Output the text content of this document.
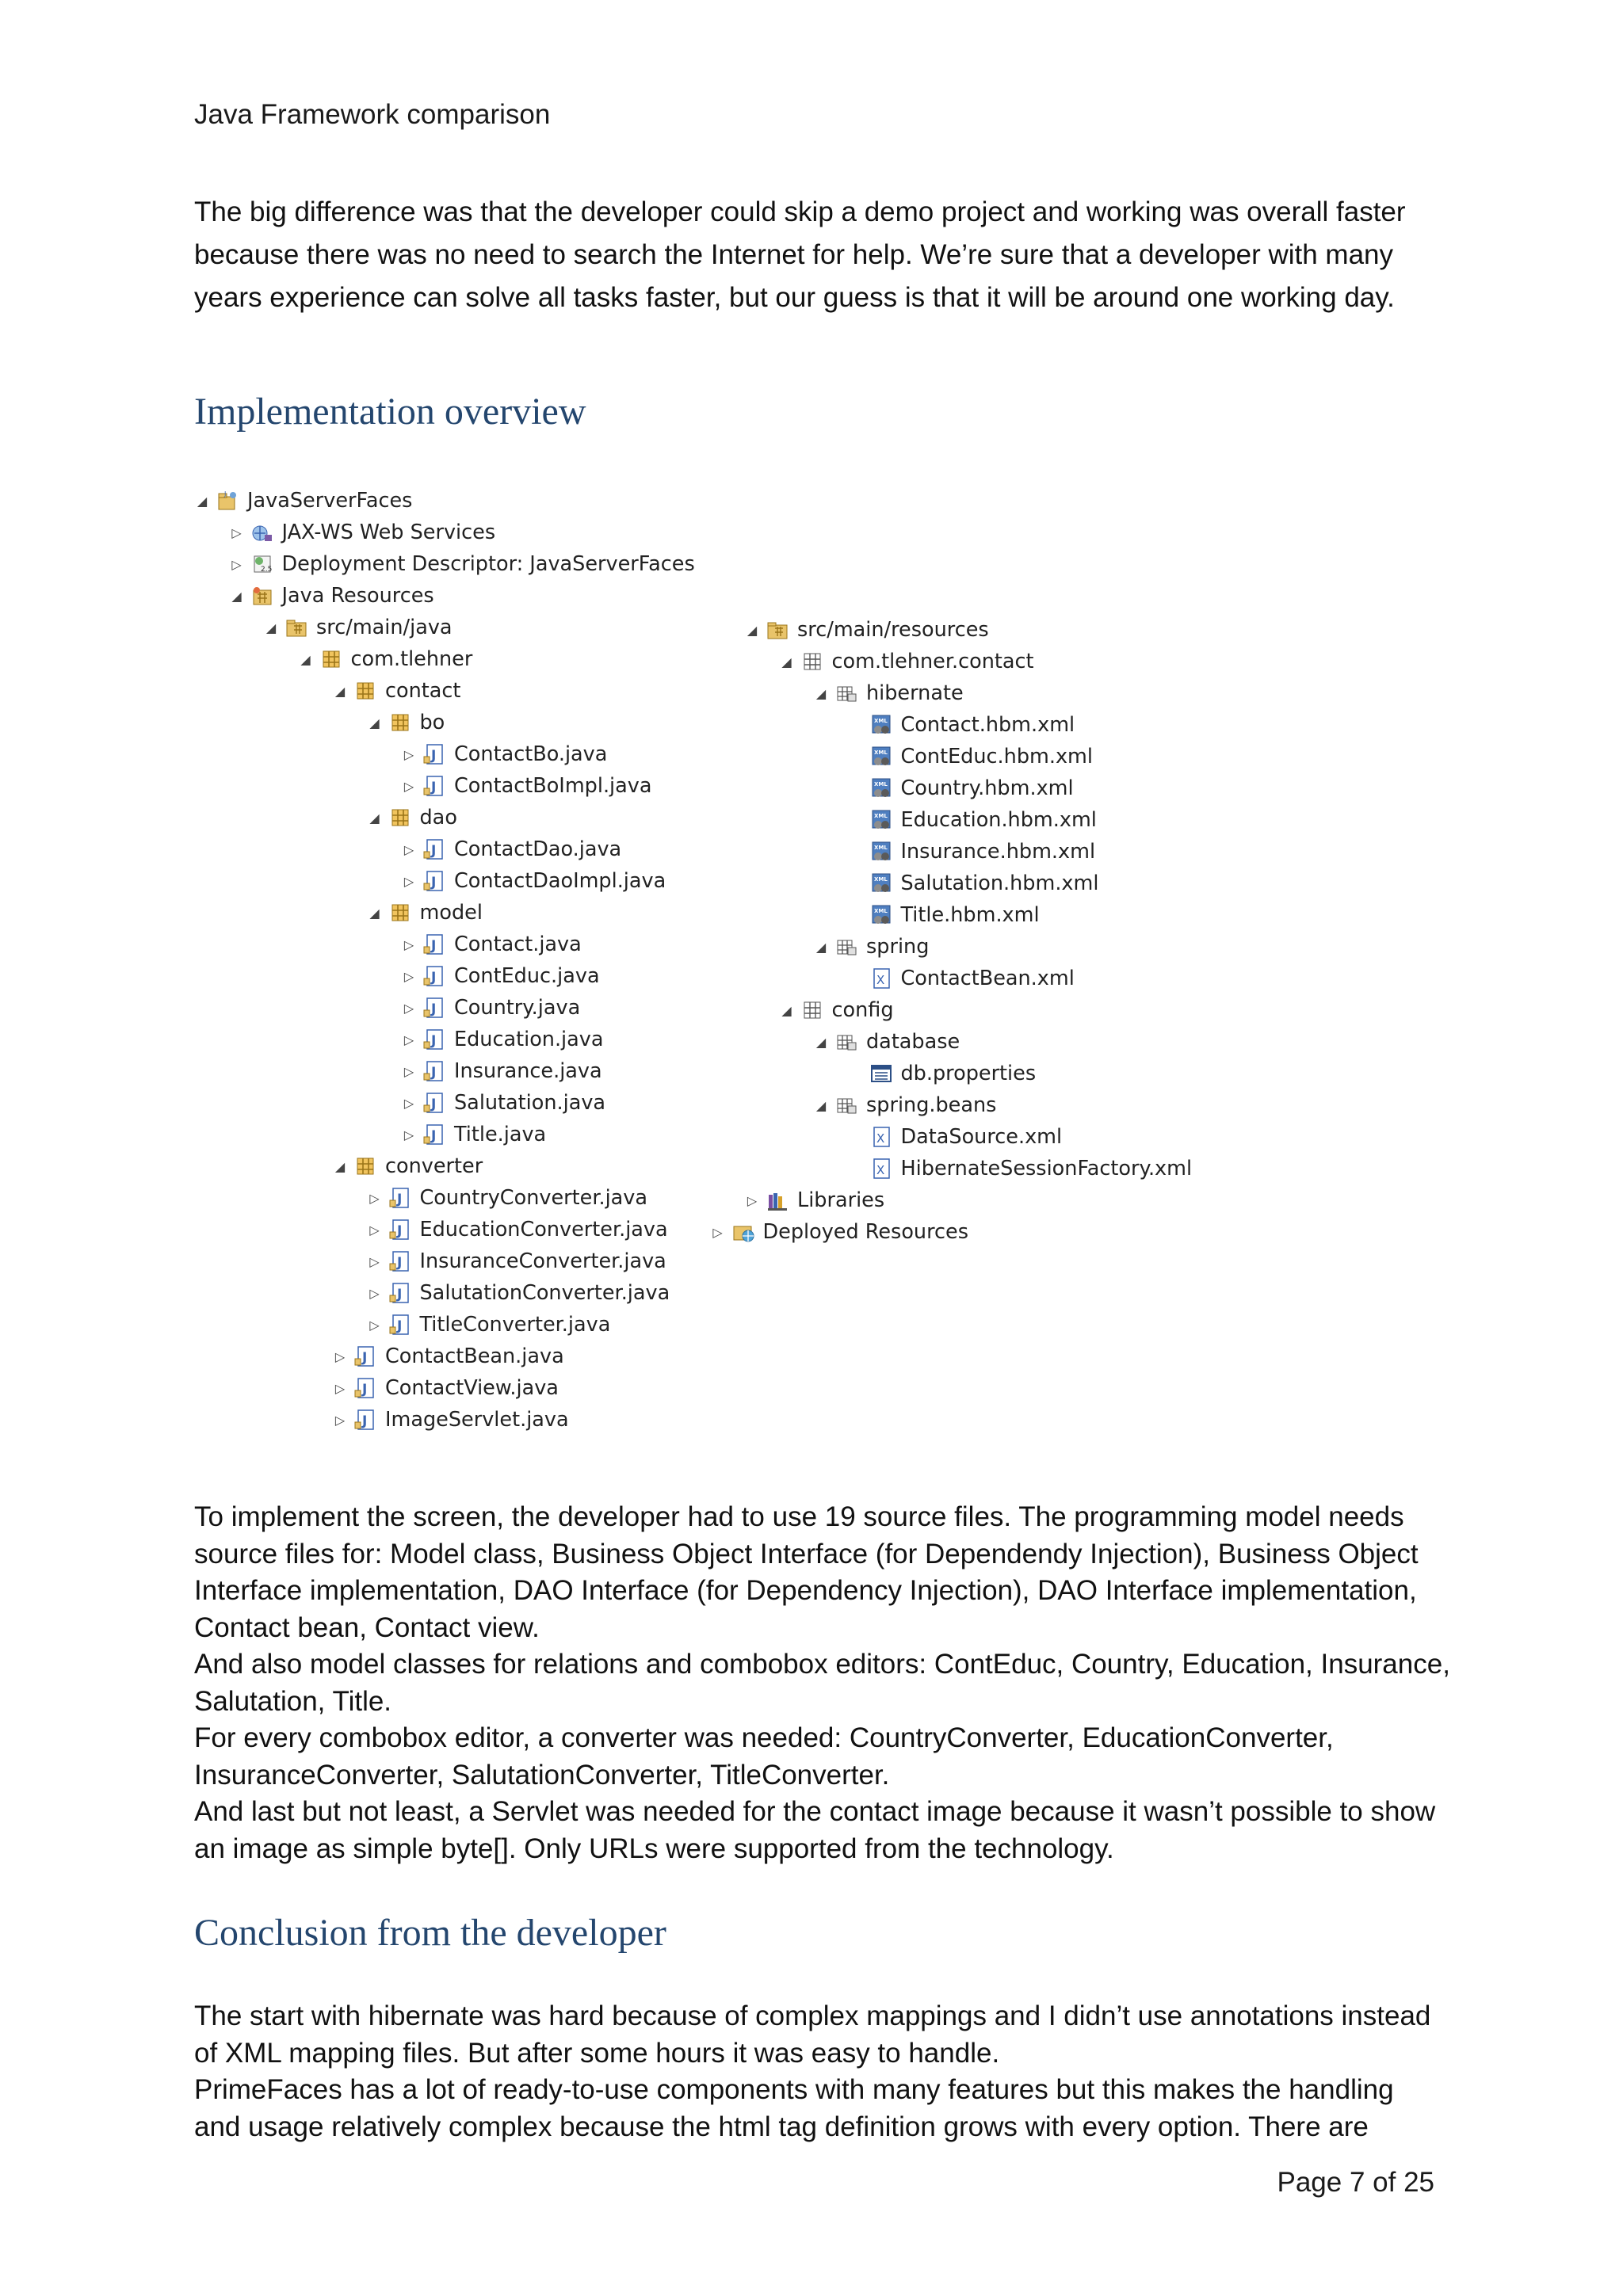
Java Framework comparison

The big difference was that the developer could skip a demo project and working was overall faster

because there was no need to search the Internet for help. We’re sure that a developer with many

years experience can solve all tasks faster, but our guess is that it will be around one working day.

Implementation overview
◢	J JavaServerFaces
▷ JAX-WS Web Services
▷	2.5 Deployment Descriptor: JavaServerFaces
◢ Java Resources
◢ src/main/java
◢ com.tlehner
◢ contact
◢ bo
▷ J ContactBo.java
▷ J ContactBoImpl.java
◢ dao
▷ J ContactDao.java
▷ J ContactDaoImpl.java
◢ model
▷ J Contact.java
▷ J ContEduc.java
▷ J Country.java
▷ J Education.java
▷ J Insurance.java
▷ J Salutation.java
▷ J Title.java
◢ converter
▷ J CountryConverter.java
▷ J EducationConverter.java
▷ J InsuranceConverter.java
▷ J SalutationConverter.java
▷ J TitleConverter.java
▷ J ContactBean.java
▷ J ContactView.java
▷ J ImageServlet.java
◢ src/main/resources
◢ com.tlehner.contact
◢ hibernate
XML Contact.hbm.xml
XML ContEduc.hbm.xml
XML Country.hbm.xml
XML Education.hbm.xml
XML Insurance.hbm.xml
XML Salutation.hbm.xml
XML Title.hbm.xml
◢ spring
X ContactBean.xml
◢ config
◢ database
db.properties
◢ spring.beans
X DataSource.xml
X HibernateSessionFactory.xml
▷ Libraries
▷ Deployed Resources

To implement the screen, the developer had to use 19 source files. The programming model needs

source files for: Model class, Business Object Interface (for Dependendy Injection), Business Object

Interface implementation, DAO Interface (for Dependency Injection), DAO Interface implementation,

Contact bean, Contact view.

And also model classes for relations and combobox editors: ContEduc, Country, Education, Insurance,

Salutation, Title.

For every combobox editor, a converter was needed: CountryConverter, EducationConverter,

InsuranceConverter, SalutationConverter, TitleConverter.

And last but not least, a Servlet was needed for the contact image because it wasn’t possible to show

an image as simple byte[]. Only URLs were supported from the technology.

Conclusion from the developer

The start with hibernate was hard because of complex mappings and I didn’t use annotations instead

of XML mapping files. But after some hours it was easy to handle.

PrimeFaces has a lot of ready-to-use components with many features but this makes the handling

and usage relatively complex because the html tag definition grows with every option. There are

Page 7 of 25
